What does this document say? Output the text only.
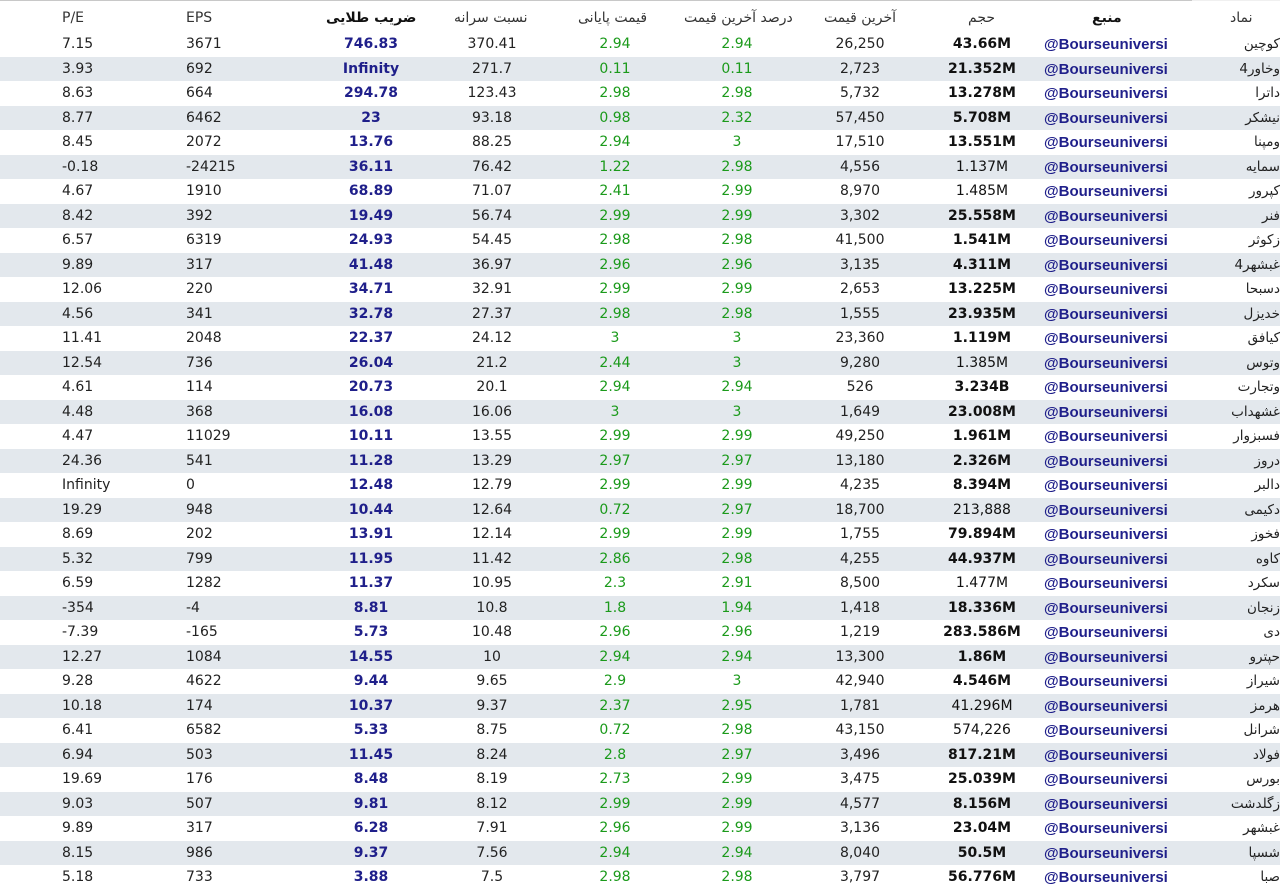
P/E	EPS	ضریب طلایی	نسبت سرانه	قیمت پایانی	درصد آخرین قیمت آخرین قیمت	حجم	منبع	نماد
7.15	3671	746.83	370.41	2.94	2.94	26,250	43.66M @Bourseuniversi	کوچین
3.93	692	Infinity	271.7	0.11	0.11	2,723	21.352M @Bourseuniversi	وخاور4
8.63	664	294.78	123.43	2.98	2.98	5,732	13.278M @Bourseuniversi	داترا
8.77	6462	23	93.18	0.98	2.32	57,450	5.708M @Bourseuniversi	نیشکر
8.45	2072	13.76	88.25	2.94	3	17,510	13.551M @Bourseuniversi	ومپنا
-0.18	-24215	36.11	76.42	1.22	2.98	4,556	1.137M @Bourseuniversi	سمایه
4.67	1910	68.89	71.07	2.41	2.99	8,970	1.485M @Bourseuniversi	کپرور
8.42	392	19.49	56.74	2.99	2.99	3,302	25.558M @Bourseuniversi	فنر
6.57	6319	24.93	54.45	2.98	2.98	41,500	1.541M @Bourseuniversi	زکوثر
9.89	317	41.48	36.97	2.96	2.96	3,135	4.311M @Bourseuniversi	غبشهر4
12.06	220	34.71	32.91	2.99	2.99	2,653	13.225M @Bourseuniversi	دسبحا
4.56	341	32.78	27.37	2.98	2.98	1,555	23.935M @Bourseuniversi	خدیزل
11.41	2048	22.37	24.12	3	3	23,360	1.119M @Bourseuniversi	کیافق
12.54	736	26.04	21.2	2.44	3	9,280	1.385M @Bourseuniversi	وتوس
4.61	114	20.73	20.1	2.94	2.94	526	3.234B @Bourseuniversi	وتجارت
4.48	368	16.08	16.06	3	3	1,649	23.008M @Bourseuniversi	غشهداب
4.47	11029	10.11	13.55	2.99	2.99	49,250	1.961M @Bourseuniversi	فسبزوار
24.36	541	11.28	13.29	2.97	2.97	13,180	2.326M @Bourseuniversi	دروز
Infinity	0	12.48	12.79	2.99	2.99	4,235	8.394M @Bourseuniversi	دالبر
19.29	948	10.44	12.64	0.72	2.97	18,700	213,888 @Bourseuniversi	دکیمی
8.69	202	13.91	12.14	2.99	2.99	1,755	79.894M @Bourseuniversi	فخوز
5.32	799	11.95	11.42	2.86	2.98	4,255	44.937M @Bourseuniversi	کاوه
6.59	1282	11.37	10.95	2.3	2.91	8,500	1.477M @Bourseuniversi	سکرد
-354	-4	8.81	10.8	1.8	1.94	1,418	18.336M @Bourseuniversi	زنجان
-7.39	-165	5.73	10.48	2.96	2.96	1,219	283.586M @Bourseuniversi	دی
12.27	1084	14.55	10	2.94	2.94	13,300	1.86M	@Bourseuniversi	حپترو
9.28	4622	9.44	9.65	2.9	3	42,940	4.546M @Bourseuniversi	شیراز
10.18	174	10.37	9.37	2.37	2.95	1,781	41.296M @Bourseuniversi	هرمز
6.41	6582	5.33	8.75	0.72	2.98	43,150	574,226 @Bourseuniversi	شرانل
6.94	503	11.45	8.24	2.8	2.97	3,496	817.21M @Bourseuniversi	فولاد
19.69	176	8.48	8.19	2.73	2.99	3,475	25.039M @Bourseuniversi	بورس
9.03	507	9.81	8.12	2.99	2.99	4,577	8.156M @Bourseuniversi	زگلدشت
9.89	317	6.28	7.91	2.96	2.99	3,136	23.04M @Bourseuniversi	غبشهر
8.15	986	9.37	7.56	2.94	2.94	8,040	50.5M	@Bourseuniversi	شسپا
5.18	733	3.88	7.5	2.98	2.98	3,797	56.776M @Bourseuniversi	صبا
